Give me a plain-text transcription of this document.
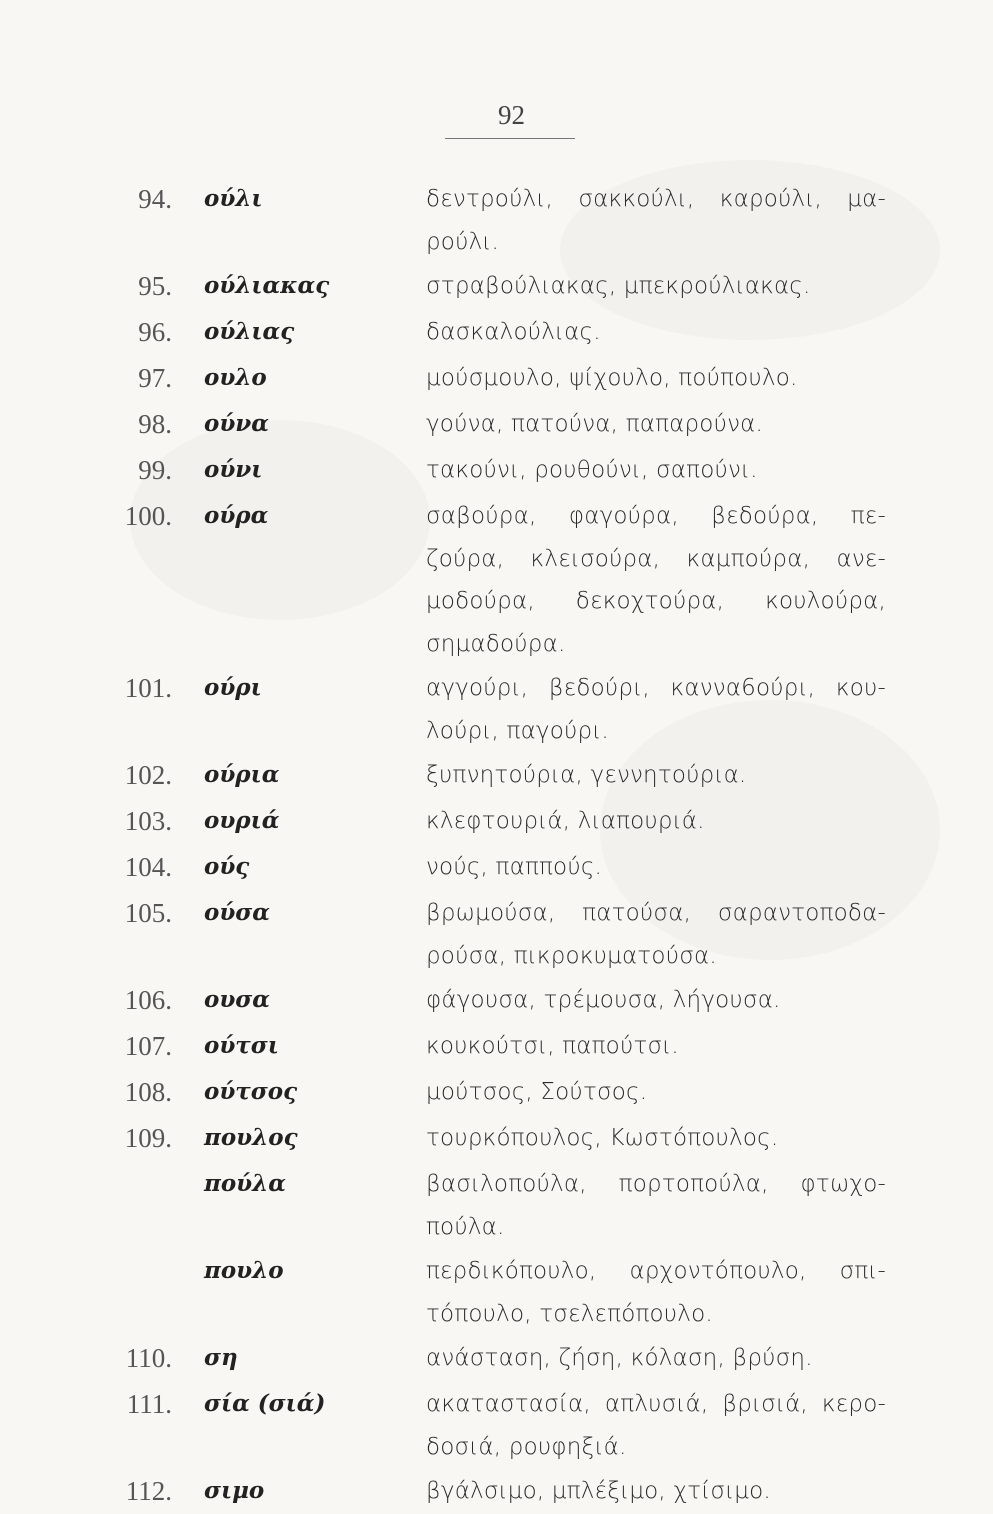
92
94.	ούλι	δεντρούλι, σακκούλι, καρούλι, μα-
ρούλι.
95.	ούλιακας	στραβούλιακας, μπεκρούλιακας.
96.	ούλιας	δασκαλούλιας.
97.	ουλο	μούσμουλο, ψίχουλο, πούπουλο.
98.	ούνα	γούνα, πατούνα, παπαρούνα.
99.	ούνι	τακούνι, ρουθούνι, σαπούνι.
100.	ούρα	σαβούρα, φαγούρα, βεδούρα, πε-
ζούρα, κλεισούρα, καμπούρα, ανε-
μοδούρα, δεκοχτούρα, κουλούρα,
σημαδούρα.
101.	ούρι	αγγούρι, βεδούρι, καννα6ούρι, κου-
λούρι, παγούρι.
102.	ούρια	ξυπνητούρια, γεννητούρια.
103.	ουριά	κλεφτουριά, λιαπουριά.
104.	ούς	νούς, παππούς.
105.	ούσα	βρωμούσα, πατούσα, σαραντοποδα-
ρούσα, πικροκυματούσα.
106.	ουσα	φάγουσα, τρέμουσα, λήγουσα.
107.	ούτσι	κουκούτσι, παπούτσι.
108.	ούτσος	μούτσος, Σούτσος.
109.	πουλος	τουρκόπουλος, Κωστόπουλος.
πούλα	βασιλοπούλα, πορτοπούλα, φτωχο-
πούλα.
πουλο	περδικόπουλο, αρχοντόπουλο, σπι-
τόπουλο, τσελεπόπουλο.
110.	ση	ανάσταση, ζήση, κόλαση, βρύση.
111.	σία (σιά)	ακαταστασία, απλυσιά, βρισιά, κερο-
δοσιά, ρουφηξιά.
112.	σιμο	βγάλσιμο, μπλέξιμο, χτίσιμο.
